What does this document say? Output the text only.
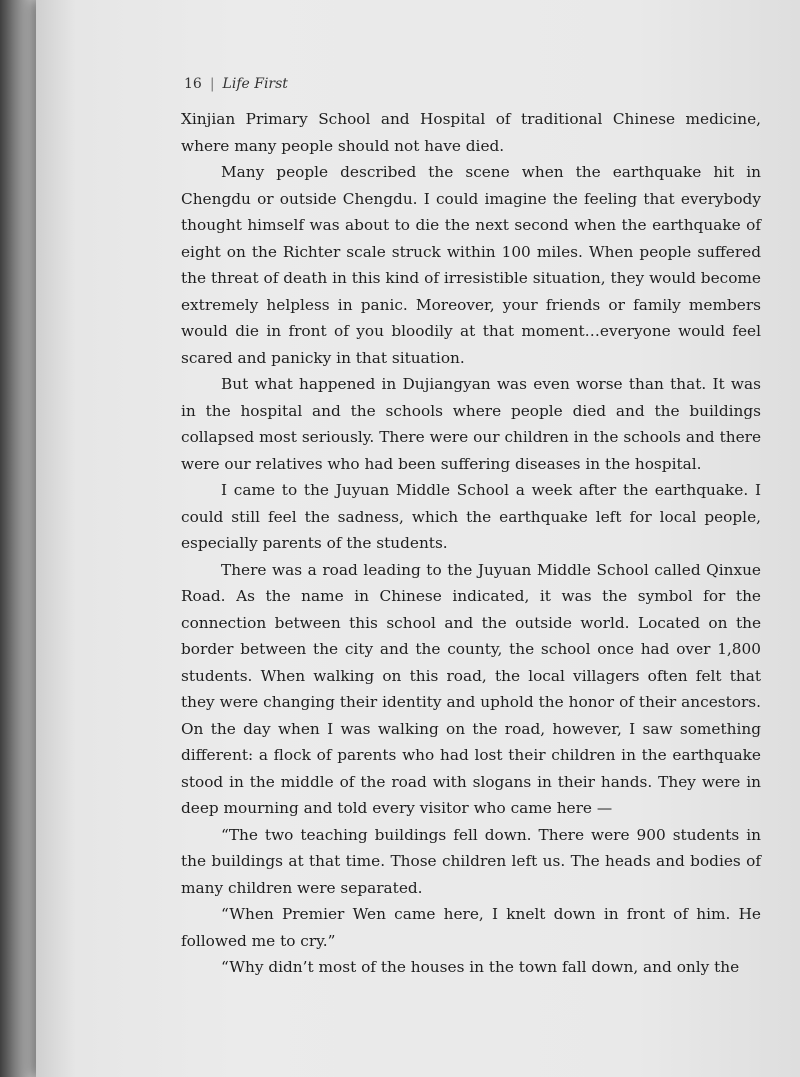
16 | Life First

Xinjian Primary School and Hospital of traditional Chinese medicine, where many people should not have died.

Many people described the scene when the earthquake hit in Chengdu or outside Chengdu. I could imagine the feeling that everybody thought himself was about to die the next second when the earthquake of eight on the Richter scale struck within 100 miles. When people suffered the threat of death in this kind of irresistible situation, they would become extremely helpless in panic. Moreover, your friends or family members would die in front of you bloodily at that moment…everyone would feel scared and panicky in that situation.

But what happened in Dujiangyan was even worse than that. It was in the hospital and the schools where people died and the buildings collapsed most seriously. There were our children in the schools and there were our relatives who had been suffering diseases in the hospital.

I came to the Juyuan Middle School a week after the earthquake. I could still feel the sadness, which the earthquake left for local people, especially parents of the students.

There was a road leading to the Juyuan Middle School called Qinxue Road. As the name in Chinese indicated, it was the symbol for the connection between this school and the outside world. Located on the border between the city and the county, the school once had over 1,800 students. When walking on this road, the local villagers often felt that they were changing their identity and uphold the honor of their ancestors. On the day when I was walking on the road, however, I saw something different: a flock of parents who had lost their children in the earthquake stood in the middle of the road with slogans in their hands. They were in deep mourning and told every visitor who came here —

“The two teaching buildings fell down. There were 900 students in the buildings at that time. Those children left us. The heads and bodies of many children were separated.

“When Premier Wen came here, I knelt down in front of him. He followed me to cry.”

“Why didn’t most of the houses in the town fall down, and only the
